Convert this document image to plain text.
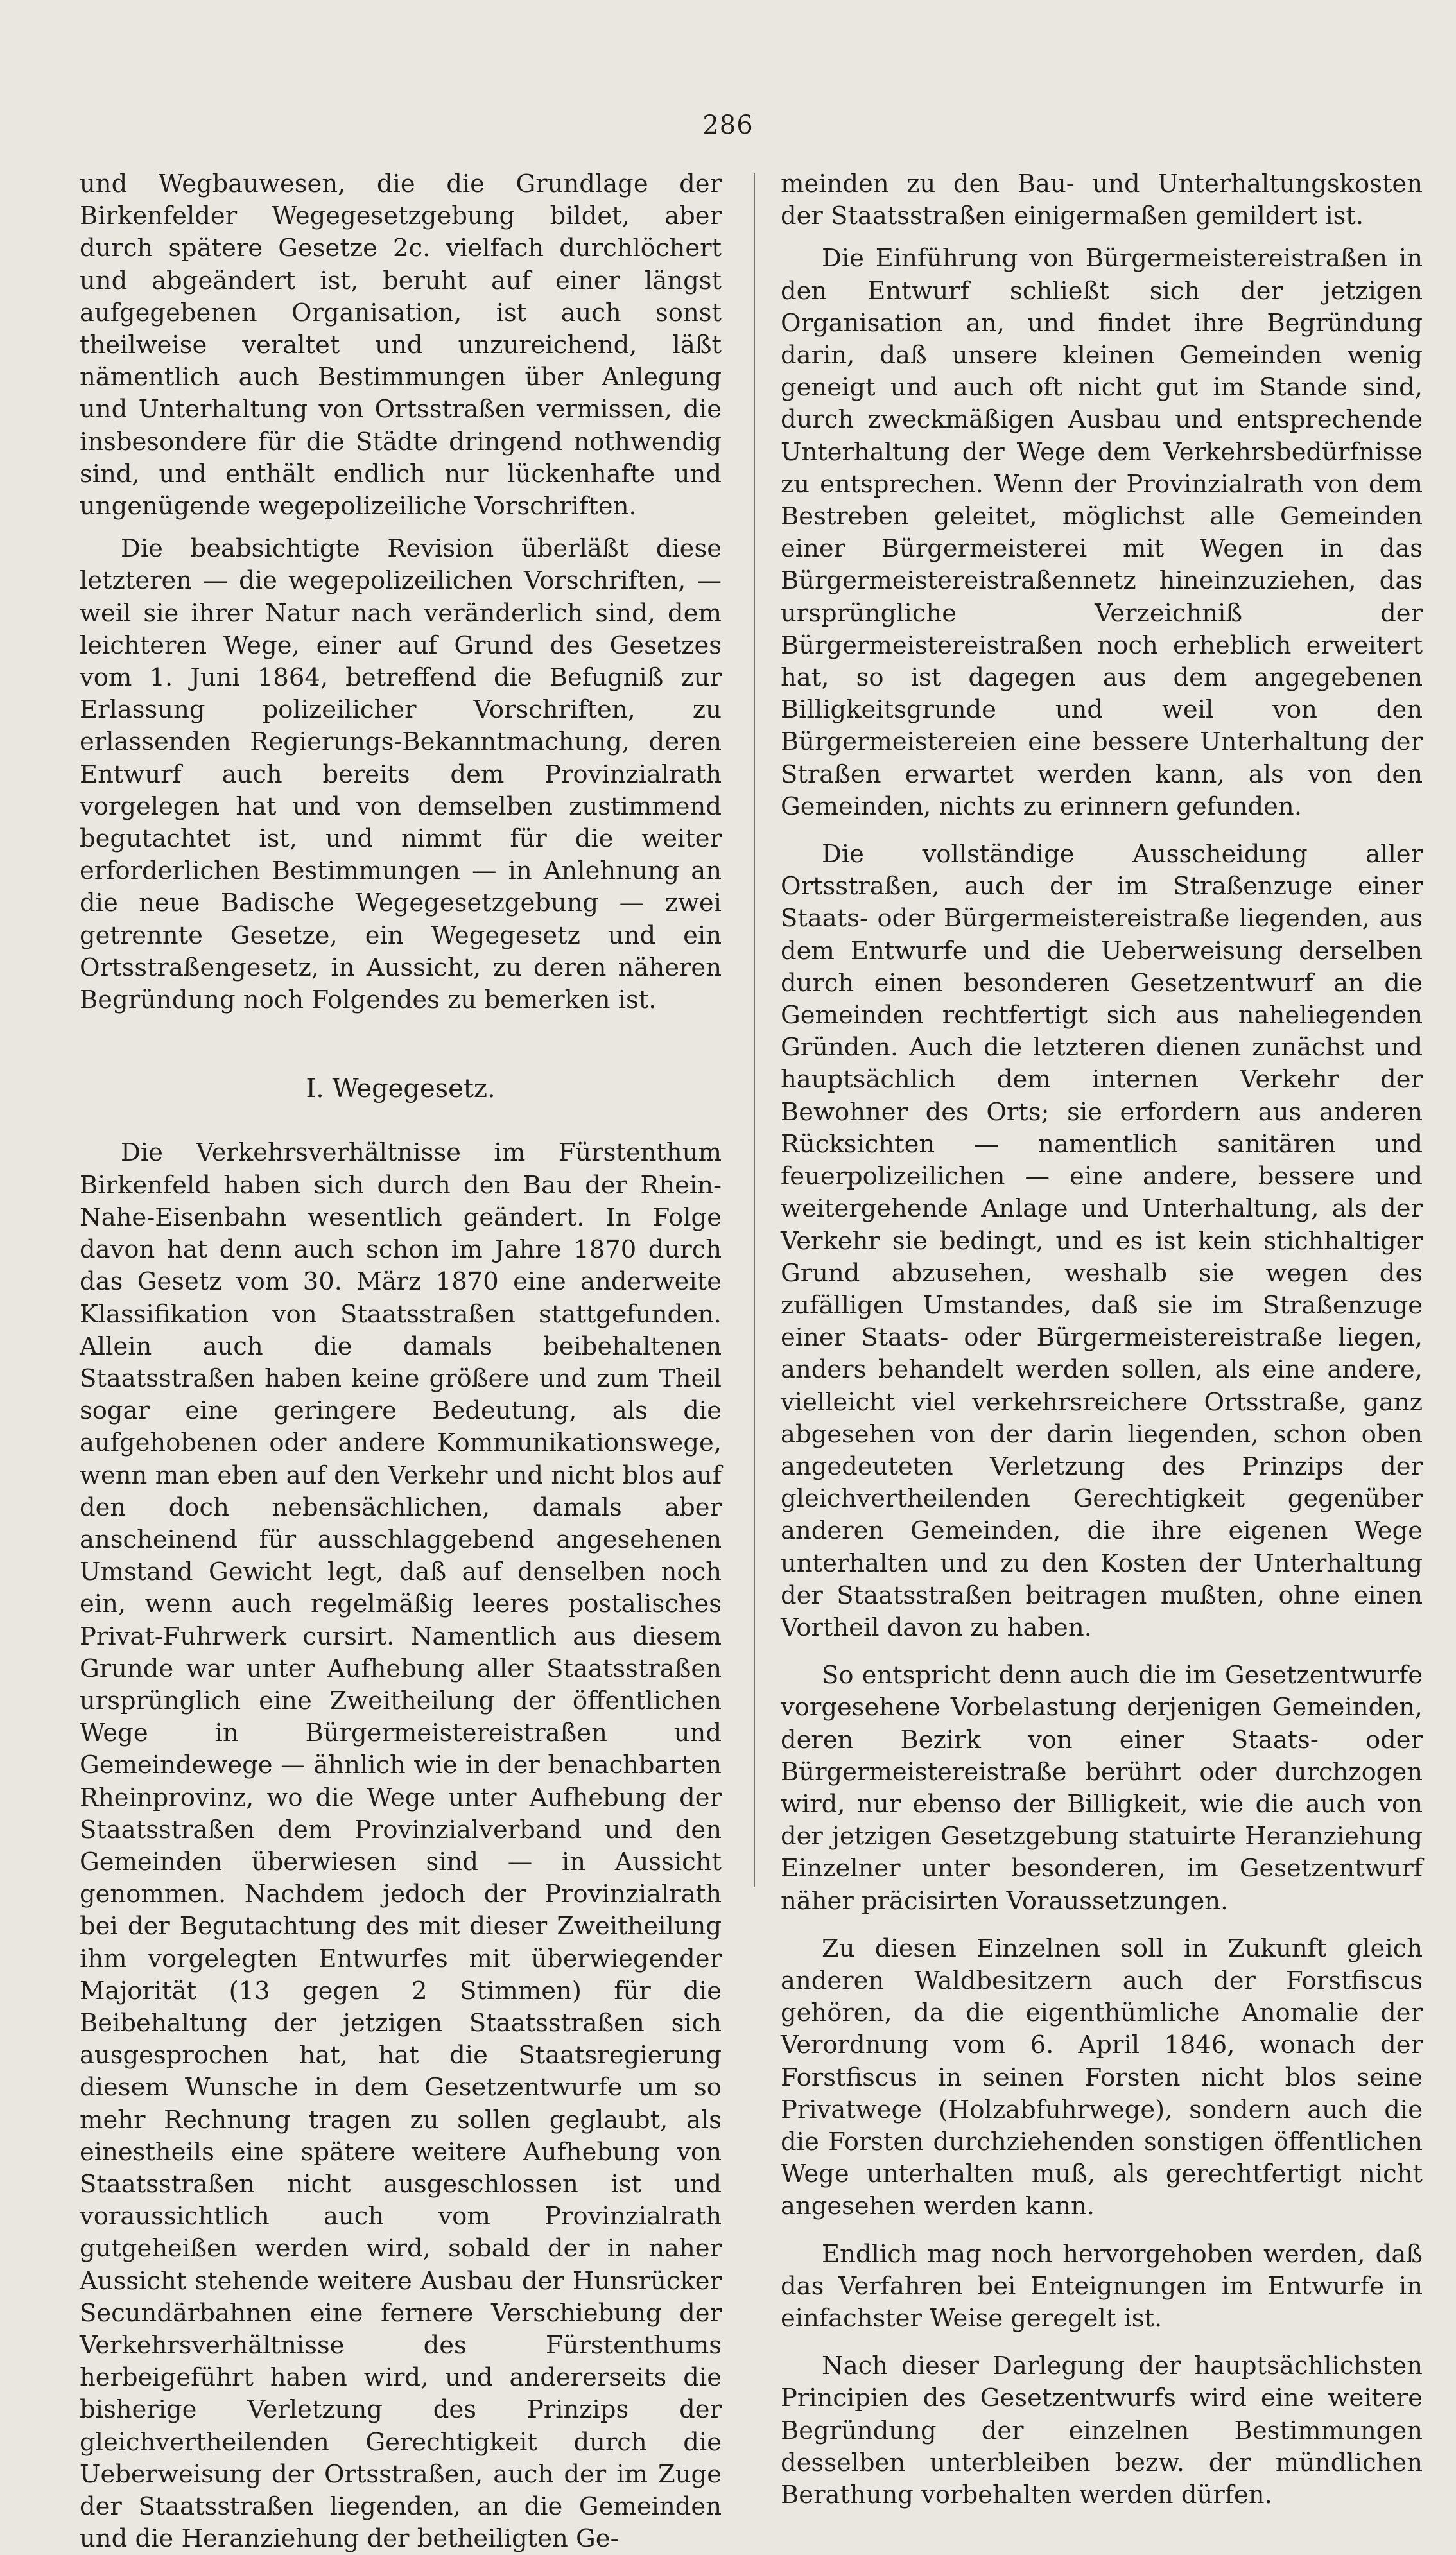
286

und Wegbauwesen, die die Grundlage der Birkenfelder Wegegesetzgebung bildet, aber durch spätere Gesetze 2c. vielfach durchlöchert und abgeändert ist, beruht auf einer längst aufgegebenen Organisation, ist auch sonst theilweise veraltet und unzureichend, läßt nämentlich auch Bestimmungen über Anlegung und Unterhaltung von Ortsstraßen vermissen, die insbesondere für die Städte dringend nothwendig sind, und enthält endlich nur lückenhafte und ungenügende wegepolizeiliche Vorschriften.

Die beabsichtigte Revision überläßt diese letzteren — die wegepolizeilichen Vorschriften, — weil sie ihrer Natur nach veränderlich sind, dem leichteren Wege, einer auf Grund des Gesetzes vom 1. Juni 1864, betreffend die Befugniß zur Erlassung polizeilicher Vorschriften, zu erlassenden Regierungs-Bekanntmachung, deren Entwurf auch bereits dem Provinzialrath vorgelegen hat und von demselben zustimmend begutachtet ist, und nimmt für die weiter erforderlichen Bestimmungen — in Anlehnung an die neue Badische Wegegesetzgebung — zwei getrennte Gesetze, ein Wegegesetz und ein Ortsstraßengesetz, in Aussicht, zu deren näheren Begründung noch Folgendes zu bemerken ist.

I. Wegegesetz.

Die Verkehrsverhältnisse im Fürstenthum Birkenfeld haben sich durch den Bau der Rhein-Nahe-Eisenbahn wesentlich geändert. In Folge davon hat denn auch schon im Jahre 1870 durch das Gesetz vom 30. März 1870 eine anderweite Klassifikation von Staatsstraßen stattgefunden. Allein auch die damals beibehaltenen Staatsstraßen haben keine größere und zum Theil sogar eine geringere Bedeutung, als die aufgehobenen oder andere Kommunikationswege, wenn man eben auf den Verkehr und nicht blos auf den doch nebensächlichen, damals aber anscheinend für ausschlaggebend angesehenen Umstand Gewicht legt, daß auf denselben noch ein, wenn auch regelmäßig leeres postalisches Privat-Fuhrwerk cursirt. Namentlich aus diesem Grunde war unter Aufhebung aller Staatsstraßen ursprünglich eine Zweitheilung der öffentlichen Wege in Bürgermeistereistraßen und Gemeindewege — ähnlich wie in der benachbarten Rheinprovinz, wo die Wege unter Aufhebung der Staatsstraßen dem Provinzialverband und den Gemeinden überwiesen sind — in Aussicht genommen. Nachdem jedoch der Provinzialrath bei der Begutachtung des mit dieser Zweitheilung ihm vorgelegten Entwurfes mit überwiegender Majorität (13 gegen 2 Stimmen) für die Beibehaltung der jetzigen Staatsstraßen sich ausgesprochen hat, hat die Staatsregierung diesem Wunsche in dem Gesetzentwurfe um so mehr Rechnung tragen zu sollen geglaubt, als einestheils eine spätere weitere Aufhebung von Staatsstraßen nicht ausgeschlossen ist und voraussichtlich auch vom Provinzialrath gutgeheißen werden wird, sobald der in naher Aussicht stehende weitere Ausbau der Hunsrücker Secundärbahnen eine fernere Verschiebung der Verkehrsverhältnisse des Fürstenthums herbeigeführt haben wird, und andererseits die bisherige Verletzung des Prinzips der gleichvertheilenden Gerechtigkeit durch die Ueberweisung der Ortsstraßen, auch der im Zuge der Staatsstraßen liegenden, an die Gemeinden und die Heranziehung der betheiligten Ge-

meinden zu den Bau- und Unterhaltungskosten der Staatsstraßen einigermaßen gemildert ist.

Die Einführung von Bürgermeistereistraßen in den Entwurf schließt sich der jetzigen Organisation an, und findet ihre Begründung darin, daß unsere kleinen Gemeinden wenig geneigt und auch oft nicht gut im Stande sind, durch zweckmäßigen Ausbau und entsprechende Unterhaltung der Wege dem Verkehrsbedürfnisse zu entsprechen. Wenn der Provinzialrath von dem Bestreben geleitet, möglichst alle Gemeinden einer Bürgermeisterei mit Wegen in das Bürgermeistereistraßennetz hineinzuziehen, das ursprüngliche Verzeichniß der Bürgermeistereistraßen noch erheblich erweitert hat, so ist dagegen aus dem angegebenen Billigkeitsgrunde und weil von den Bürgermeistereien eine bessere Unterhaltung der Straßen erwartet werden kann, als von den Gemeinden, nichts zu erinnern gefunden.

Die vollständige Ausscheidung aller Ortsstraßen, auch der im Straßenzuge einer Staats- oder Bürgermeistereistraße liegenden, aus dem Entwurfe und die Ueberweisung derselben durch einen besonderen Gesetzentwurf an die Gemeinden rechtfertigt sich aus naheliegenden Gründen. Auch die letzteren dienen zunächst und hauptsächlich dem internen Verkehr der Bewohner des Orts; sie erfordern aus anderen Rücksichten — namentlich sanitären und feuerpolizeilichen — eine andere, bessere und weitergehende Anlage und Unterhaltung, als der Verkehr sie bedingt, und es ist kein stichhaltiger Grund abzusehen, weshalb sie wegen des zufälligen Umstandes, daß sie im Straßenzuge einer Staats- oder Bürgermeistereistraße liegen, anders behandelt werden sollen, als eine andere, vielleicht viel verkehrsreichere Ortsstraße, ganz abgesehen von der darin liegenden, schon oben angedeuteten Verletzung des Prinzips der gleichvertheilenden Gerechtigkeit gegenüber anderen Gemeinden, die ihre eigenen Wege unterhalten und zu den Kosten der Unterhaltung der Staatsstraßen beitragen mußten, ohne einen Vortheil davon zu haben.

So entspricht denn auch die im Gesetzentwurfe vorgesehene Vorbelastung derjenigen Gemeinden, deren Bezirk von einer Staats- oder Bürgermeistereistraße berührt oder durchzogen wird, nur ebenso der Billigkeit, wie die auch von der jetzigen Gesetzgebung statuirte Heranziehung Einzelner unter besonderen, im Gesetzentwurf näher präcisirten Voraussetzungen.

Zu diesen Einzelnen soll in Zukunft gleich anderen Waldbesitzern auch der Forstfiscus gehören, da die eigenthümliche Anomalie der Verordnung vom 6. April 1846, wonach der Forstfiscus in seinen Forsten nicht blos seine Privatwege (Holzabfuhrwege), sondern auch die die Forsten durchziehenden sonstigen öffentlichen Wege unterhalten muß, als gerechtfertigt nicht angesehen werden kann.

Endlich mag noch hervorgehoben werden, daß das Verfahren bei Enteignungen im Entwurfe in einfachster Weise geregelt ist.

Nach dieser Darlegung der hauptsächlichsten Principien des Gesetzentwurfs wird eine weitere Begründung der einzelnen Bestimmungen desselben unterbleiben bezw. der mündlichen Berathung vorbehalten werden dürfen.
